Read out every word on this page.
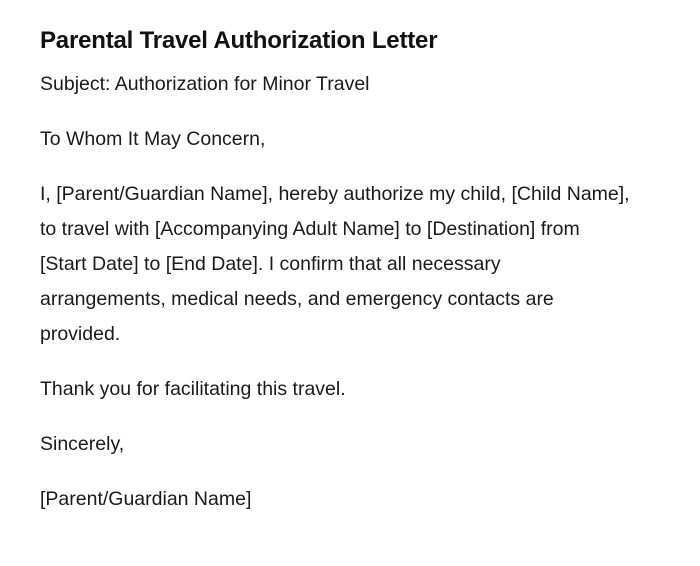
Parental Travel Authorization Letter

Subject: Authorization for Minor Travel

To Whom It May Concern,

I, [Parent/Guardian Name], hereby authorize my child, [Child Name], to travel with [Accompanying Adult Name] to [Destination] from [Start Date] to [End Date]. I confirm that all necessary arrangements, medical needs, and emergency contacts are provided.

Thank you for facilitating this travel.

Sincerely,

[Parent/Guardian Name]
